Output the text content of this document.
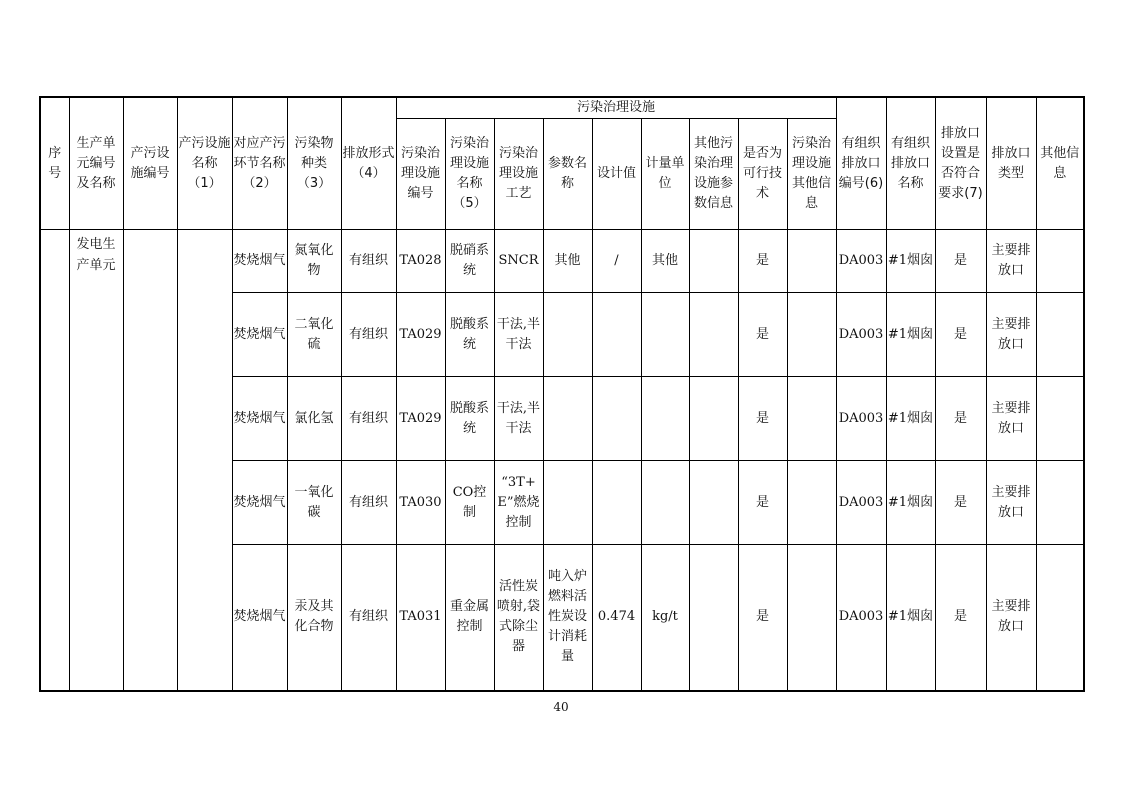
序号	生产单元编号及名称	产污设施编号	产污设施名称（1）	对应产污环节名称（2）	污染物种类（3）	排放形式（4）	污染治理设施									有组织排放口编号(6)	有组织排放口名称	排放口设置是否符合要求(7)	排放口类型	其他信息
							污染治理设施编号	污染治理设施名称（5）	污染治理设施工艺	参数名称	设计值	计量单位	其他污染治理设施参数信息	是否为可行技术	污染治理设施其他信息					
	发电生产单元			焚烧烟气	氮氧化物	有组织	TA028	脱硝系统	SNCR	其他	/	其他		是		DA003	#1烟囱	是	主要排放口	
				焚烧烟气	二氧化硫	有组织	TA029	脱酸系统	干法,半干法					是		DA003	#1烟囱	是	主要排放口	
				焚烧烟气	氯化氢	有组织	TA029	脱酸系统	干法,半干法					是		DA003	#1烟囱	是	主要排放口	
				焚烧烟气	一氧化碳	有组织	TA030	CO控制	“3T+E”燃烧控制					是		DA003	#1烟囱	是	主要排放口	
				焚烧烟气	汞及其化合物	有组织	TA031	重金属控制	活性炭喷射,袋式除尘器	吨入炉燃料活性炭设计消耗量	0.474	kg/t		是		DA003	#1烟囱	是	主要排放口	
40
